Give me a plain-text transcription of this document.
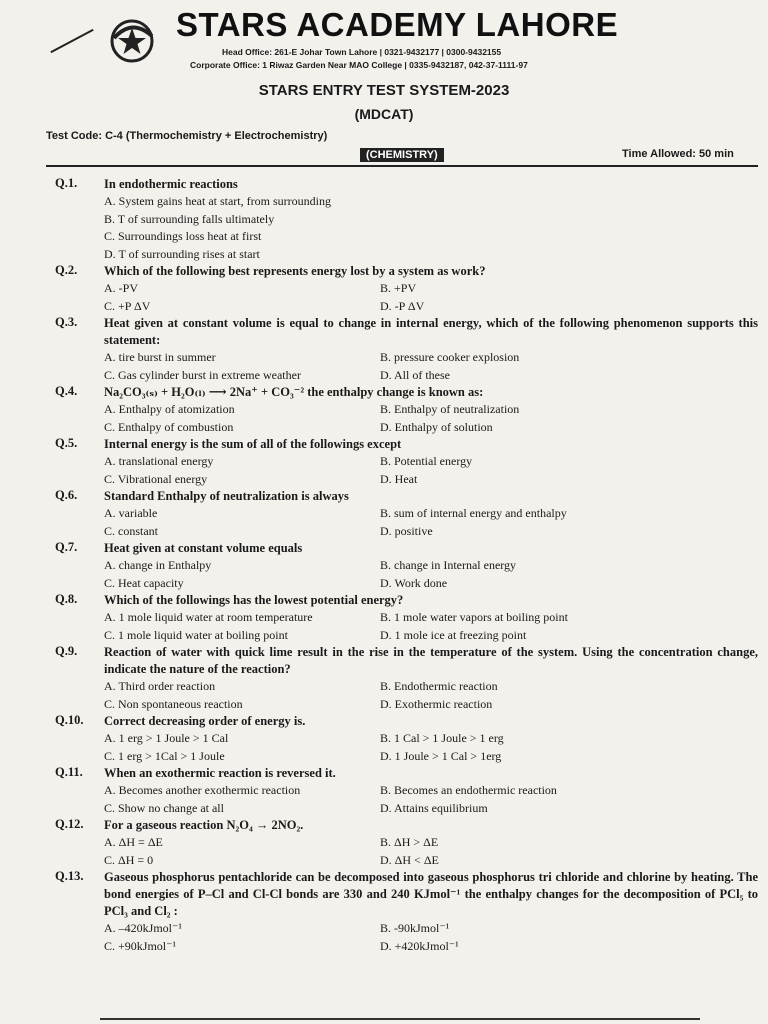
STARS ACADEMY LAHORE
Head Office: 261-E Johar Town Lahore | 0321-9432177 | 0300-9432155
Corporate Office: 1 Riwaz Garden Near MAO College | 0335-9432187, 042-37-1111-97
STARS ENTRY TEST SYSTEM-2023
(MDCAT)
Test Code: C-4 (Thermochemistry + Electrochemistry)
(CHEMISTRY)	Time Allowed: 50 min
Q.1. In endothermic reactions
A. System gains heat at start, from surrounding
B. T of surrounding falls ultimately
C. Surroundings loss heat at first
D. T of surrounding rises at start
Q.2. Which of the following best represents energy lost by a system as work?
A. -PV	B. +PV
C. +P ΔV	D. -P ΔV
Q.3. Heat given at constant volume is equal to change in internal energy, which of the following phenomenon supports this statement:
A. tire burst in summer	B. pressure cooker explosion
C. Gas cylinder burst in extreme weather	D. All of these
Q.4. Na₂CO₃₍ₛ₎ + H₂O₍ₗ₎ ⟶ 2Na⁺ + CO₃⁻² the enthalpy change is known as:
A. Enthalpy of atomization	B. Enthalpy of neutralization
C. Enthalpy of combustion	D. Enthalpy of solution
Q.5. Internal energy is the sum of all of the followings except
A. translational energy	B. Potential energy
C. Vibrational energy	D. Heat
Q.6. Standard Enthalpy of neutralization is always
A. variable	B. sum of internal energy and enthalpy
C. constant	D. positive
Q.7. Heat given at constant volume equals
A. change in Enthalpy	B. change in Internal energy
C. Heat capacity	D. Work done
Q.8. Which of the followings has the lowest potential energy?
A. 1 mole liquid water at room temperature	B. 1 mole water vapors at boiling point
C. 1 mole liquid water at boiling point	D. 1 mole ice at freezing point
Q.9. Reaction of water with quick lime result in the rise in the temperature of the system. Using the concentration change, indicate the nature of the reaction?
A. Third order reaction	B. Endothermic reaction
C. Non spontaneous reaction	D. Exothermic reaction
Q.10. Correct decreasing order of energy is.
A. 1 erg > 1 Joule > 1 Cal	B. 1 Cal > 1 Joule > 1 erg
C. 1 erg > 1Cal > 1 Joule	D. 1 Joule > 1 Cal > 1erg
Q.11. When an exothermic reaction is reversed it.
A. Becomes another exothermic reaction	B. Becomes an endothermic reaction
C. Show no change at all	D. Attains equilibrium
Q.12. For a gaseous reaction N₂O₄ → 2NO₂.
A. ΔH = ΔE	B. ΔH > ΔE
C. ΔH = 0	D. ΔH < ΔE
Q.13. Gaseous phosphorus pentachloride can be decomposed into gaseous phosphorus tri chloride and chlorine by heating. The bond energies of P–Cl and Cl-Cl bonds are 330 and 240 KJmol⁻¹ the enthalpy changes for the decomposition of PCl₅ to PCl₃ and Cl₂ :
A. –420kJmol⁻¹	B. -90kJmol⁻¹
C. +90kJmol⁻¹	D. +420kJmol⁻¹
